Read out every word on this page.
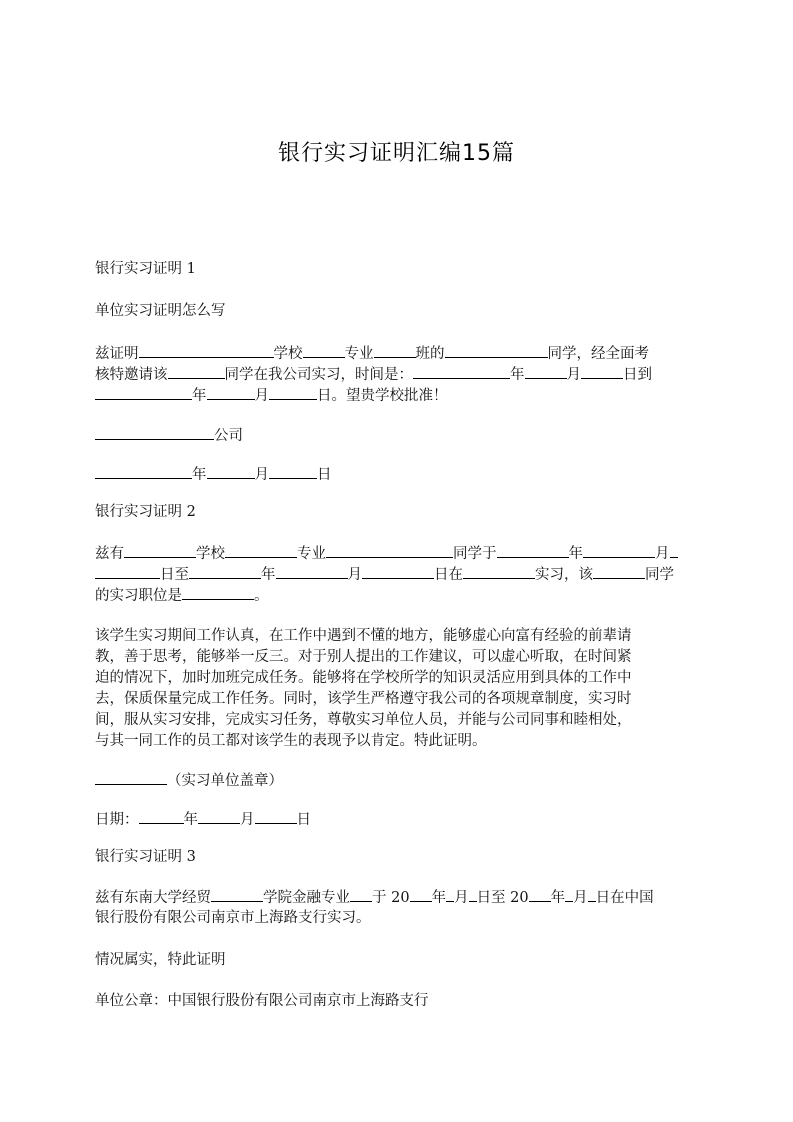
银行实习证明汇编15篇
银行实习证明 1
单位实习证明怎么写
兹证明	学校	专业	班的	同学，经全面考
核特邀请该	同学在我公司实习，时间是：	年	月	日到
年	月	日。望贵学校批准！
公司
年	月	日
银行实习证明 2
兹有	学校	专业	同学于	年	月
日至	年	月	日在	实习，该	同学
的实习职位是	。
该学生实习期间工作认真，在工作中遇到不懂的地方，能够虚心向富有经验的前辈请
教，善于思考，能够举一反三。对于别人提出的工作建议，可以虚心听取，在时间紧
迫的情况下，加时加班完成任务。能够将在学校所学的知识灵活应用到具体的工作中
去，保质保量完成工作任务。同时，该学生严格遵守我公司的各项规章制度，实习时
间，服从实习安排，完成实习任务，尊敬实习单位人员，并能与公司同事和睦相处，
与其一同工作的员工都对该学生的表现予以肯定。特此证明。
（实习单位盖章）
日期：	年	月	日
银行实习证明 3
兹有东南大学经贸	学院金融专业 于 20 年 月 日至 20 年 月 日在中国
银行股份有限公司南京市上海路支行实习。
情况属实，特此证明
单位公章：中国银行股份有限公司南京市上海路支行
